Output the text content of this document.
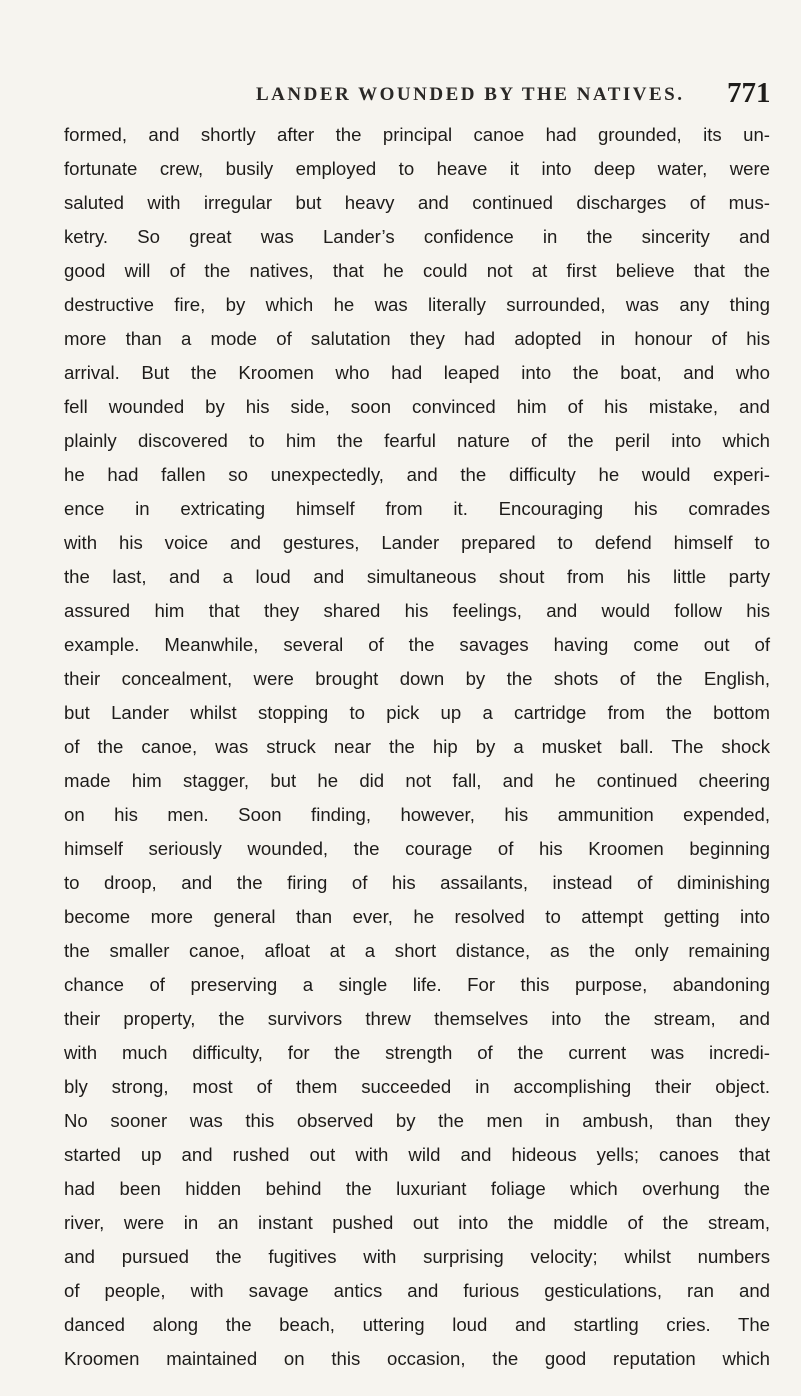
LANDER WOUNDED BY THE NATIVES. 771
formed, and shortly after the principal canoe had grounded, its un-
fortunate crew, busily employed to heave it into deep water, were
saluted with irregular but heavy and continued discharges of mus-
ketry. So great was Lander’s confidence in the sincerity and
good will of the natives, that he could not at first believe that the
destructive fire, by which he was literally surrounded, was any thing
more than a mode of salutation they had adopted in honour of his
arrival. But the Kroomen who had leaped into the boat, and who
fell wounded by his side, soon convinced him of his mistake, and
plainly discovered to him the fearful nature of the peril into which
he had fallen so unexpectedly, and the difficulty he would experi-
ence in extricating himself from it. Encouraging his comrades
with his voice and gestures, Lander prepared to defend himself to
the last, and a loud and simultaneous shout from his little party
assured him that they shared his feelings, and would follow his
example. Meanwhile, several of the savages having come out of
their concealment, were brought down by the shots of the English,
but Lander whilst stopping to pick up a cartridge from the bottom
of the canoe, was struck near the hip by a musket ball. The shock
made him stagger, but he did not fall, and he continued cheering
on his men. Soon finding, however, his ammunition expended,
himself seriously wounded, the courage of his Kroomen beginning
to droop, and the firing of his assailants, instead of diminishing
become more general than ever, he resolved to attempt getting into
the smaller canoe, afloat at a short distance, as the only remaining
chance of preserving a single life. For this purpose, abandoning
their property, the survivors threw themselves into the stream, and
with much difficulty, for the strength of the current was incredi-
bly strong, most of them succeeded in accomplishing their object.
No sooner was this observed by the men in ambush, than they
started up and rushed out with wild and hideous yells; canoes that
had been hidden behind the luxuriant foliage which overhung the
river, were in an instant pushed out into the middle of the stream,
and pursued the fugitives with surprising velocity; whilst numbers
of people, with savage antics and furious gesticulations, ran and
danced along the beach, uttering loud and startling cries. The
Kroomen maintained on this occasion, the good reputation which
